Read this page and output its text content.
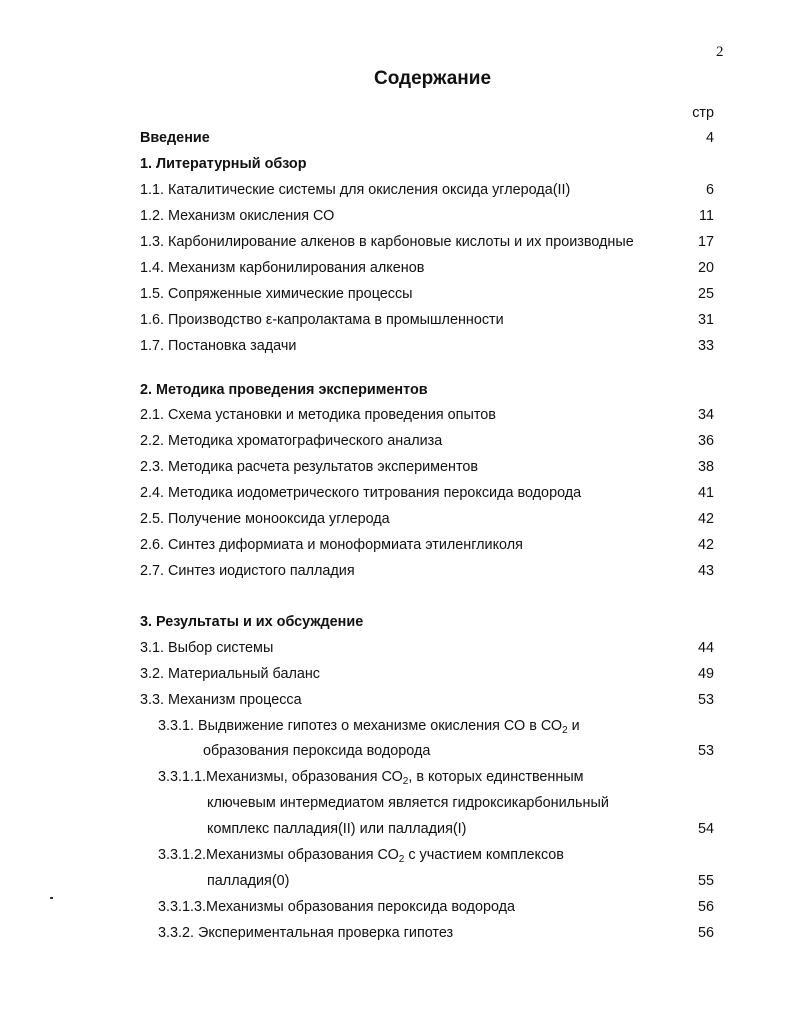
2
Содержание
стр
Введение	4
1. Литературный обзор
1.1. Каталитические системы для окисления оксида углерода(II)	6
1.2. Механизм окисления СО	11
1.3. Карбонилирование алкенов в карбоновые кислоты и их производные	17
1.4. Механизм карбонилирования алкенов	20
1.5. Сопряженные химические процессы	25
1.6. Производство ε-капролактама в промышленности	31
1.7. Постановка задачи	33
2. Методика проведения экспериментов
2.1. Схема установки и методика проведения опытов	34
2.2. Методика хроматографического анализа	36
2.3. Методика расчета результатов экспериментов	38
2.4. Методика иодометрического титрования пероксида водорода	41
2.5. Получение монооксида углерода	42
2.6. Синтез диформиата и моноформиата этиленгликоля	42
2.7. Синтез иодистого палладия	43
3. Результаты и их обсуждение
3.1. Выбор системы	44
3.2. Материальный баланс	49
3.3. Механизм процесса	53
3.3.1. Выдвижение гипотез о механизме окисления СО в $СО_2$ и
образования пероксида водорода	53
3.3.1.1.Механизмы, образования $СО_2$, в которых единственным
ключевым интермедиатом является гидроксикарбонильный
комплекс палладия(II) или палладия(I)	54
3.3.1.2.Механизмы образования $СО_2$ с участием комплексов
палладия(0)	55
3.3.1.3.Механизмы образования пероксида водорода	56
3.3.2. Экспериментальная проверка гипотез	56
